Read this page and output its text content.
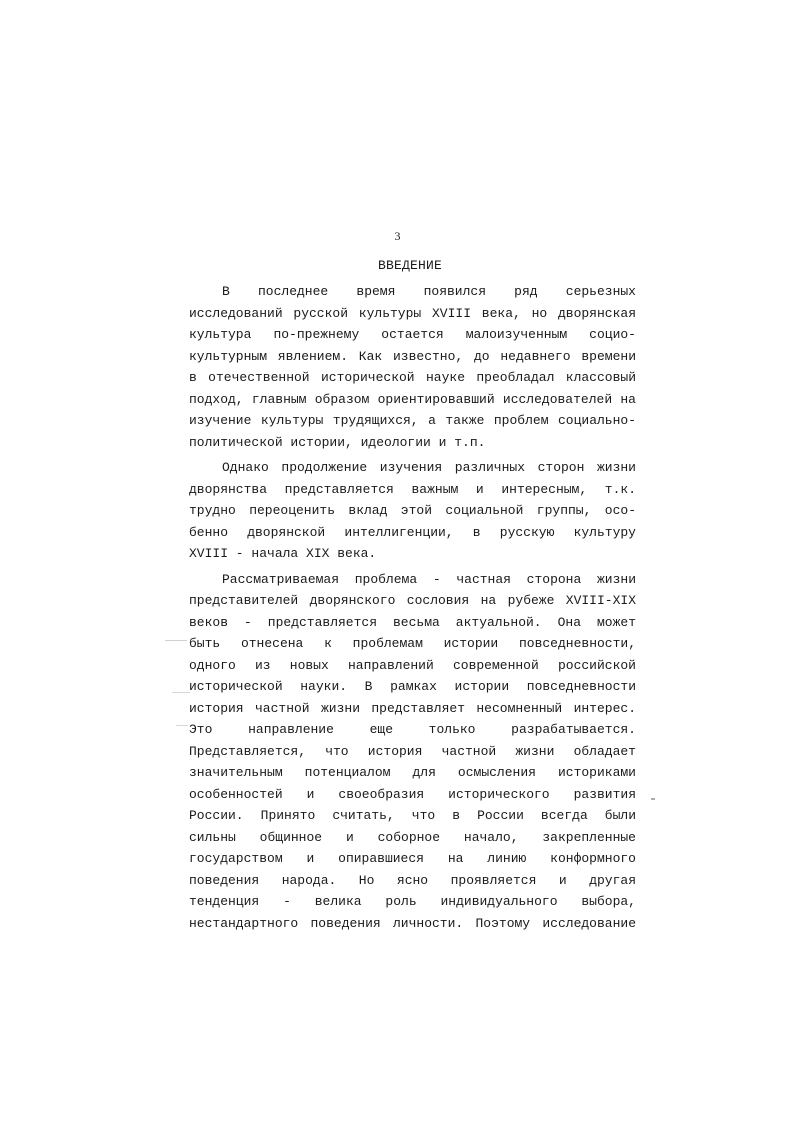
3
ВВЕДЕНИЕ
В последнее время появился ряд серьезных
исследований русской культуры XVIII века, но дворянская
культура по-прежнему остается малоизученным социо-
культурным явлением. Как известно, до недавнего времени
в отечественной исторической науке преобладал классовый
подход, главным образом ориентировавший исследователей на
изучение культуры трудящихся, а также проблем социально-
политической истории, идеологии и т.п.
Однако продолжение изучения различных сторон жизни
дворянства представляется важным и интересным, т.к.
трудно переоценить вклад этой социальной группы, осо-
бенно дворянской интеллигенции, в русскую культуру
XVIII - начала XIX века.
Рассматриваемая проблема - частная сторона жизни
представителей дворянского сословия на рубеже XVIII-XIX
веков - представляется весьма актуальной. Она может
быть отнесена к проблемам истории повседневности,
одного из новых направлений современной российской
исторической науки. В рамках истории повседневности
история частной жизни представляет несомненный интерес.
Это направление еще только разрабатывается.
Представляется, что история частной жизни обладает
значительным потенциалом для осмысления историками
особенностей и своеобразия исторического развития
России. Принято считать, что в России всегда были
сильны общинное и соборное начало, закрепленные
государством и опиравшиеся на линию конформного
поведения народа. Но ясно проявляется и другая
тенденция - велика роль индивидуального выбора,
нестандартного поведения личности. Поэтому исследование
